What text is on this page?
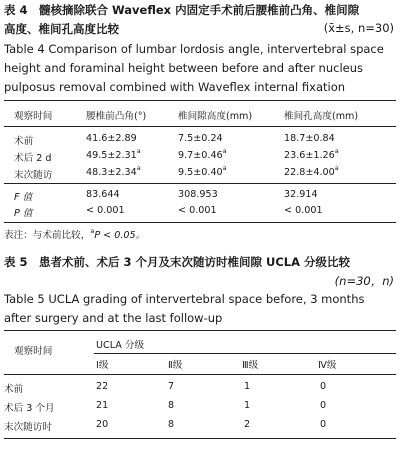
表 4　髓核摘除联合 Waveflex 内固定手术前后腰椎前凸角、椎间隙
高度、椎间孔高度比较	(x̄±s, n=30)
Table 4 Comparison of lumbar lordosis angle, intervertebral space
height and foraminal height between before and after nucleus
pulposus removal combined with Waveflex internal fixation
观察时间	腰椎前凸角(°)	椎间隙高度(mm)	椎间孔高度(mm)
术前	41.6±2.89	7.5±0.24	18.7±0.84
术后 2 d	49.5±2.31$^a$	9.7±0.46$^a$	23.6±1.26$^a$
末次随访	48.3±2.34$^a$	9.5±0.40$^a$	22.8±4.00$^a$
F 值	83.644	308.953	32.914
P 值	< 0.001	< 0.001	< 0.001
表注：与术前比较，$^a$P < 0.05。
表 5　患者术前、术后 3 个月及末次随访时椎间隙 UCLA 分级比较
(n=30，n)
Table 5 UCLA grading of intervertebral space before, 3 months
after surgery and at the last follow-up
观察时间
UCLA 分级
Ⅰ级	Ⅱ级	Ⅲ级	Ⅳ级
术前	22	7	1	0
术后 3 个月	21	8	1	0
末次随访时	20	8	2	0
